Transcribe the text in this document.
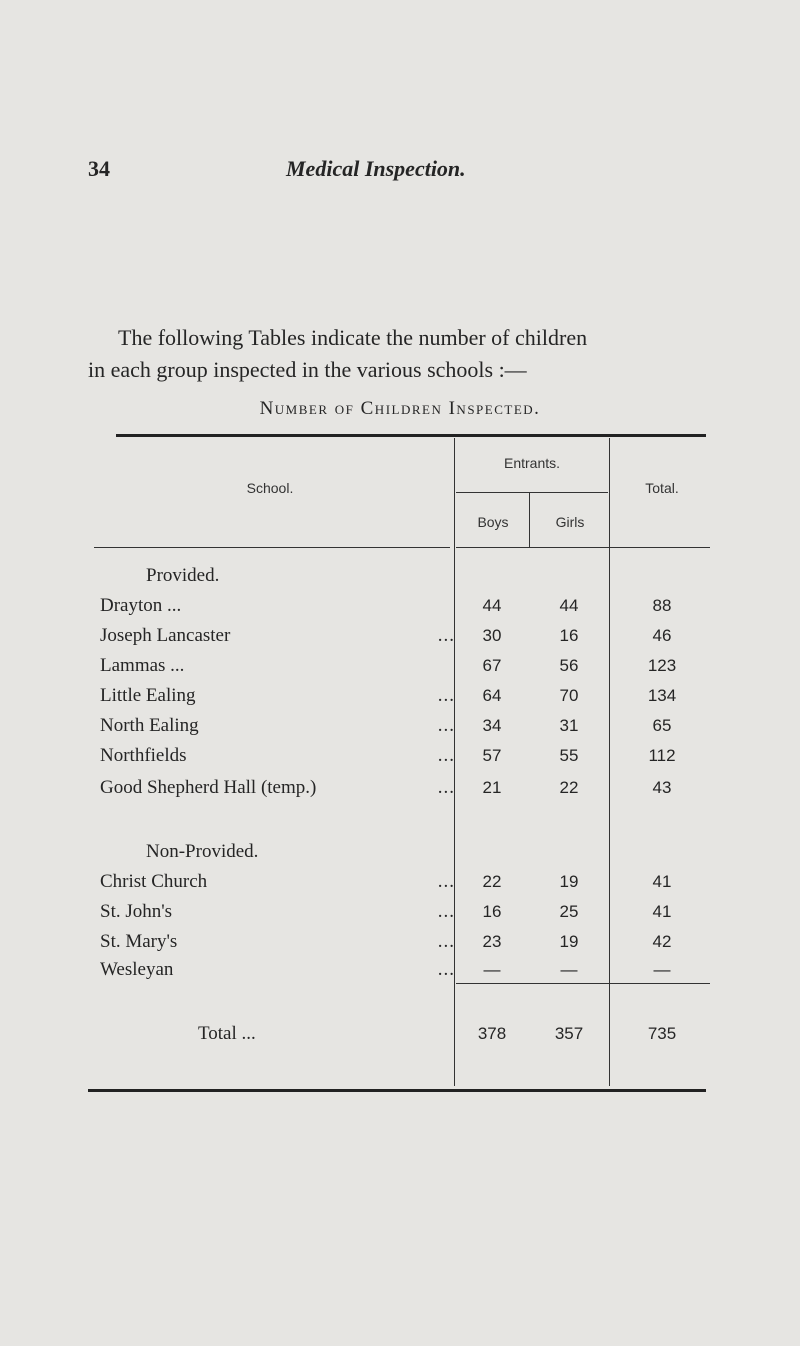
34	Medical Inspection.
The following Tables indicate the number of children
in each group inspected in the various schools :—
Number of Children Inspected.
School.
Entrants.
Boys	Girls
Total.
Provided.
Drayton ...	44	44	88
Joseph Lancaster	...	30	16	46
Lammas ...	67	56	123
Little Ealing	...	64	70	134
North Ealing	...	34	31	65
Northfields	...	57	55	112
Good Shepherd Hall (temp.)	...	21	22	43
Non-Provided.
Christ Church	...	22	19	41
St. John's	...	16	25	41
St. Mary's	...	23	19	42
Wesleyan	...	—	—	—
Total ...	378	357	735
